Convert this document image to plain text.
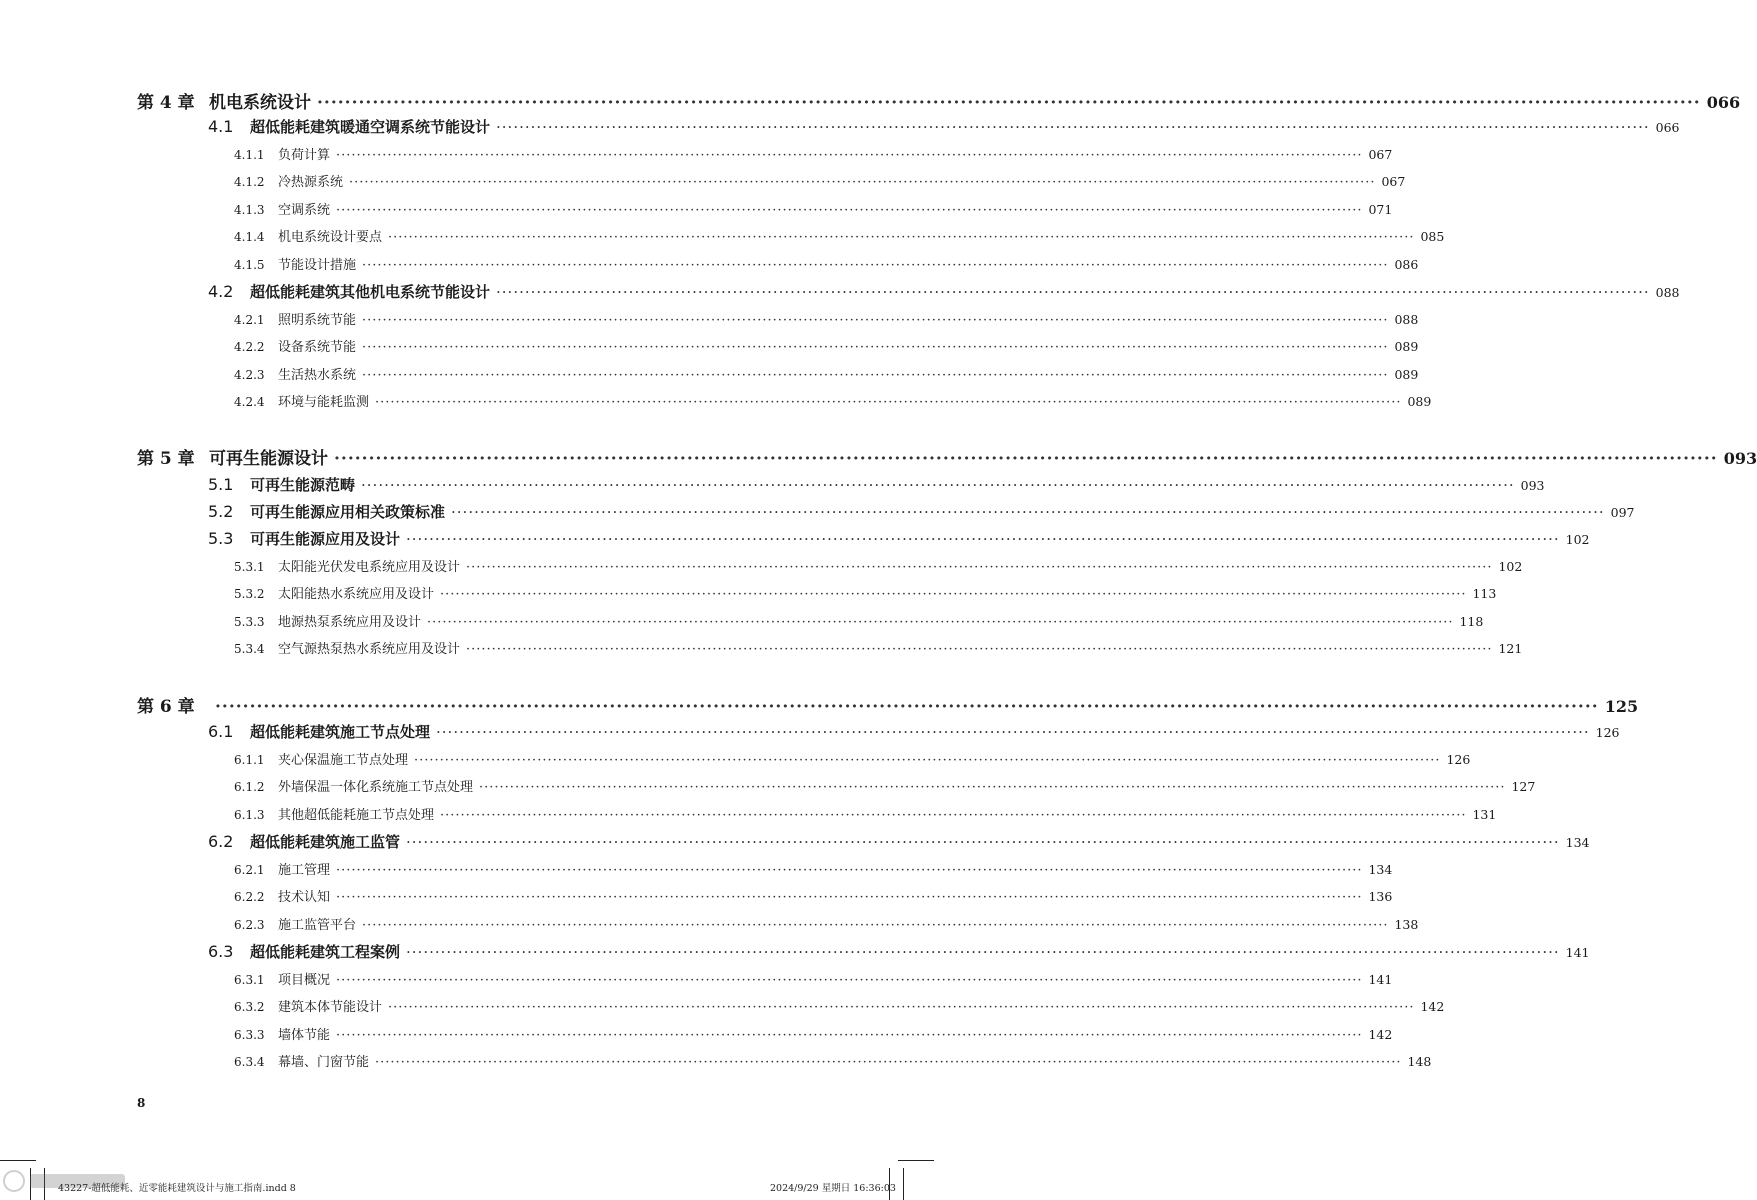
第 4 章 机电系统设计 ········································································································································································································ 066
4.1	超低能耗建筑暖通空调系统节能设计 ········································································································································································································ 066
4.1.1	负荷计算 ········································································································································································································ 067
4.1.2	冷热源系统 ········································································································································································································ 067
4.1.3	空调系统 ········································································································································································································ 071
4.1.4	机电系统设计要点 ········································································································································································································ 085
4.1.5	节能设计措施 ········································································································································································································ 086
4.2	超低能耗建筑其他机电系统节能设计 ········································································································································································································ 088
4.2.1	照明系统节能 ········································································································································································································ 088
4.2.2	设备系统节能 ········································································································································································································ 089
4.2.3	生活热水系统 ········································································································································································································ 089
4.2.4	环境与能耗监测 ········································································································································································································ 089
第 5 章 可再生能源设计 ········································································································································································································ 093
5.1	可再生能源范畴 ········································································································································································································ 093
5.2	可再生能源应用相关政策标准 ········································································································································································································ 097
5.3	可再生能源应用及设计 ········································································································································································································ 102
5.3.1	太阳能光伏发电系统应用及设计 ········································································································································································································ 102
5.3.2	太阳能热水系统应用及设计 ········································································································································································································ 113
5.3.3	地源热泵系统应用及设计 ········································································································································································································ 118
5.3.4	空气源热泵热水系统应用及设计 ········································································································································································································ 121
第 6 章	········································································································································································································ 125
6.1	超低能耗建筑施工节点处理 ········································································································································································································ 126
6.1.1	夹心保温施工节点处理 ········································································································································································································ 126
6.1.2	外墙保温一体化系统施工节点处理 ········································································································································································································ 127
6.1.3	其他超低能耗施工节点处理 ········································································································································································································ 131
6.2	超低能耗建筑施工监管 ········································································································································································································ 134
6.2.1	施工管理 ········································································································································································································ 134
6.2.2	技术认知 ········································································································································································································ 136
6.2.3	施工监管平台 ········································································································································································································ 138
6.3	超低能耗建筑工程案例 ········································································································································································································ 141
6.3.1	项目概况 ········································································································································································································ 141
6.3.2	建筑本体节能设计 ········································································································································································································ 142
6.3.3	墙体节能 ········································································································································································································ 142
6.3.4	幕墙、门窗节能 ········································································································································································································ 148
8
43227-超低能耗、近零能耗建筑设计与施工指南.indd 8	2024/9/29 星期日 16:36:03
